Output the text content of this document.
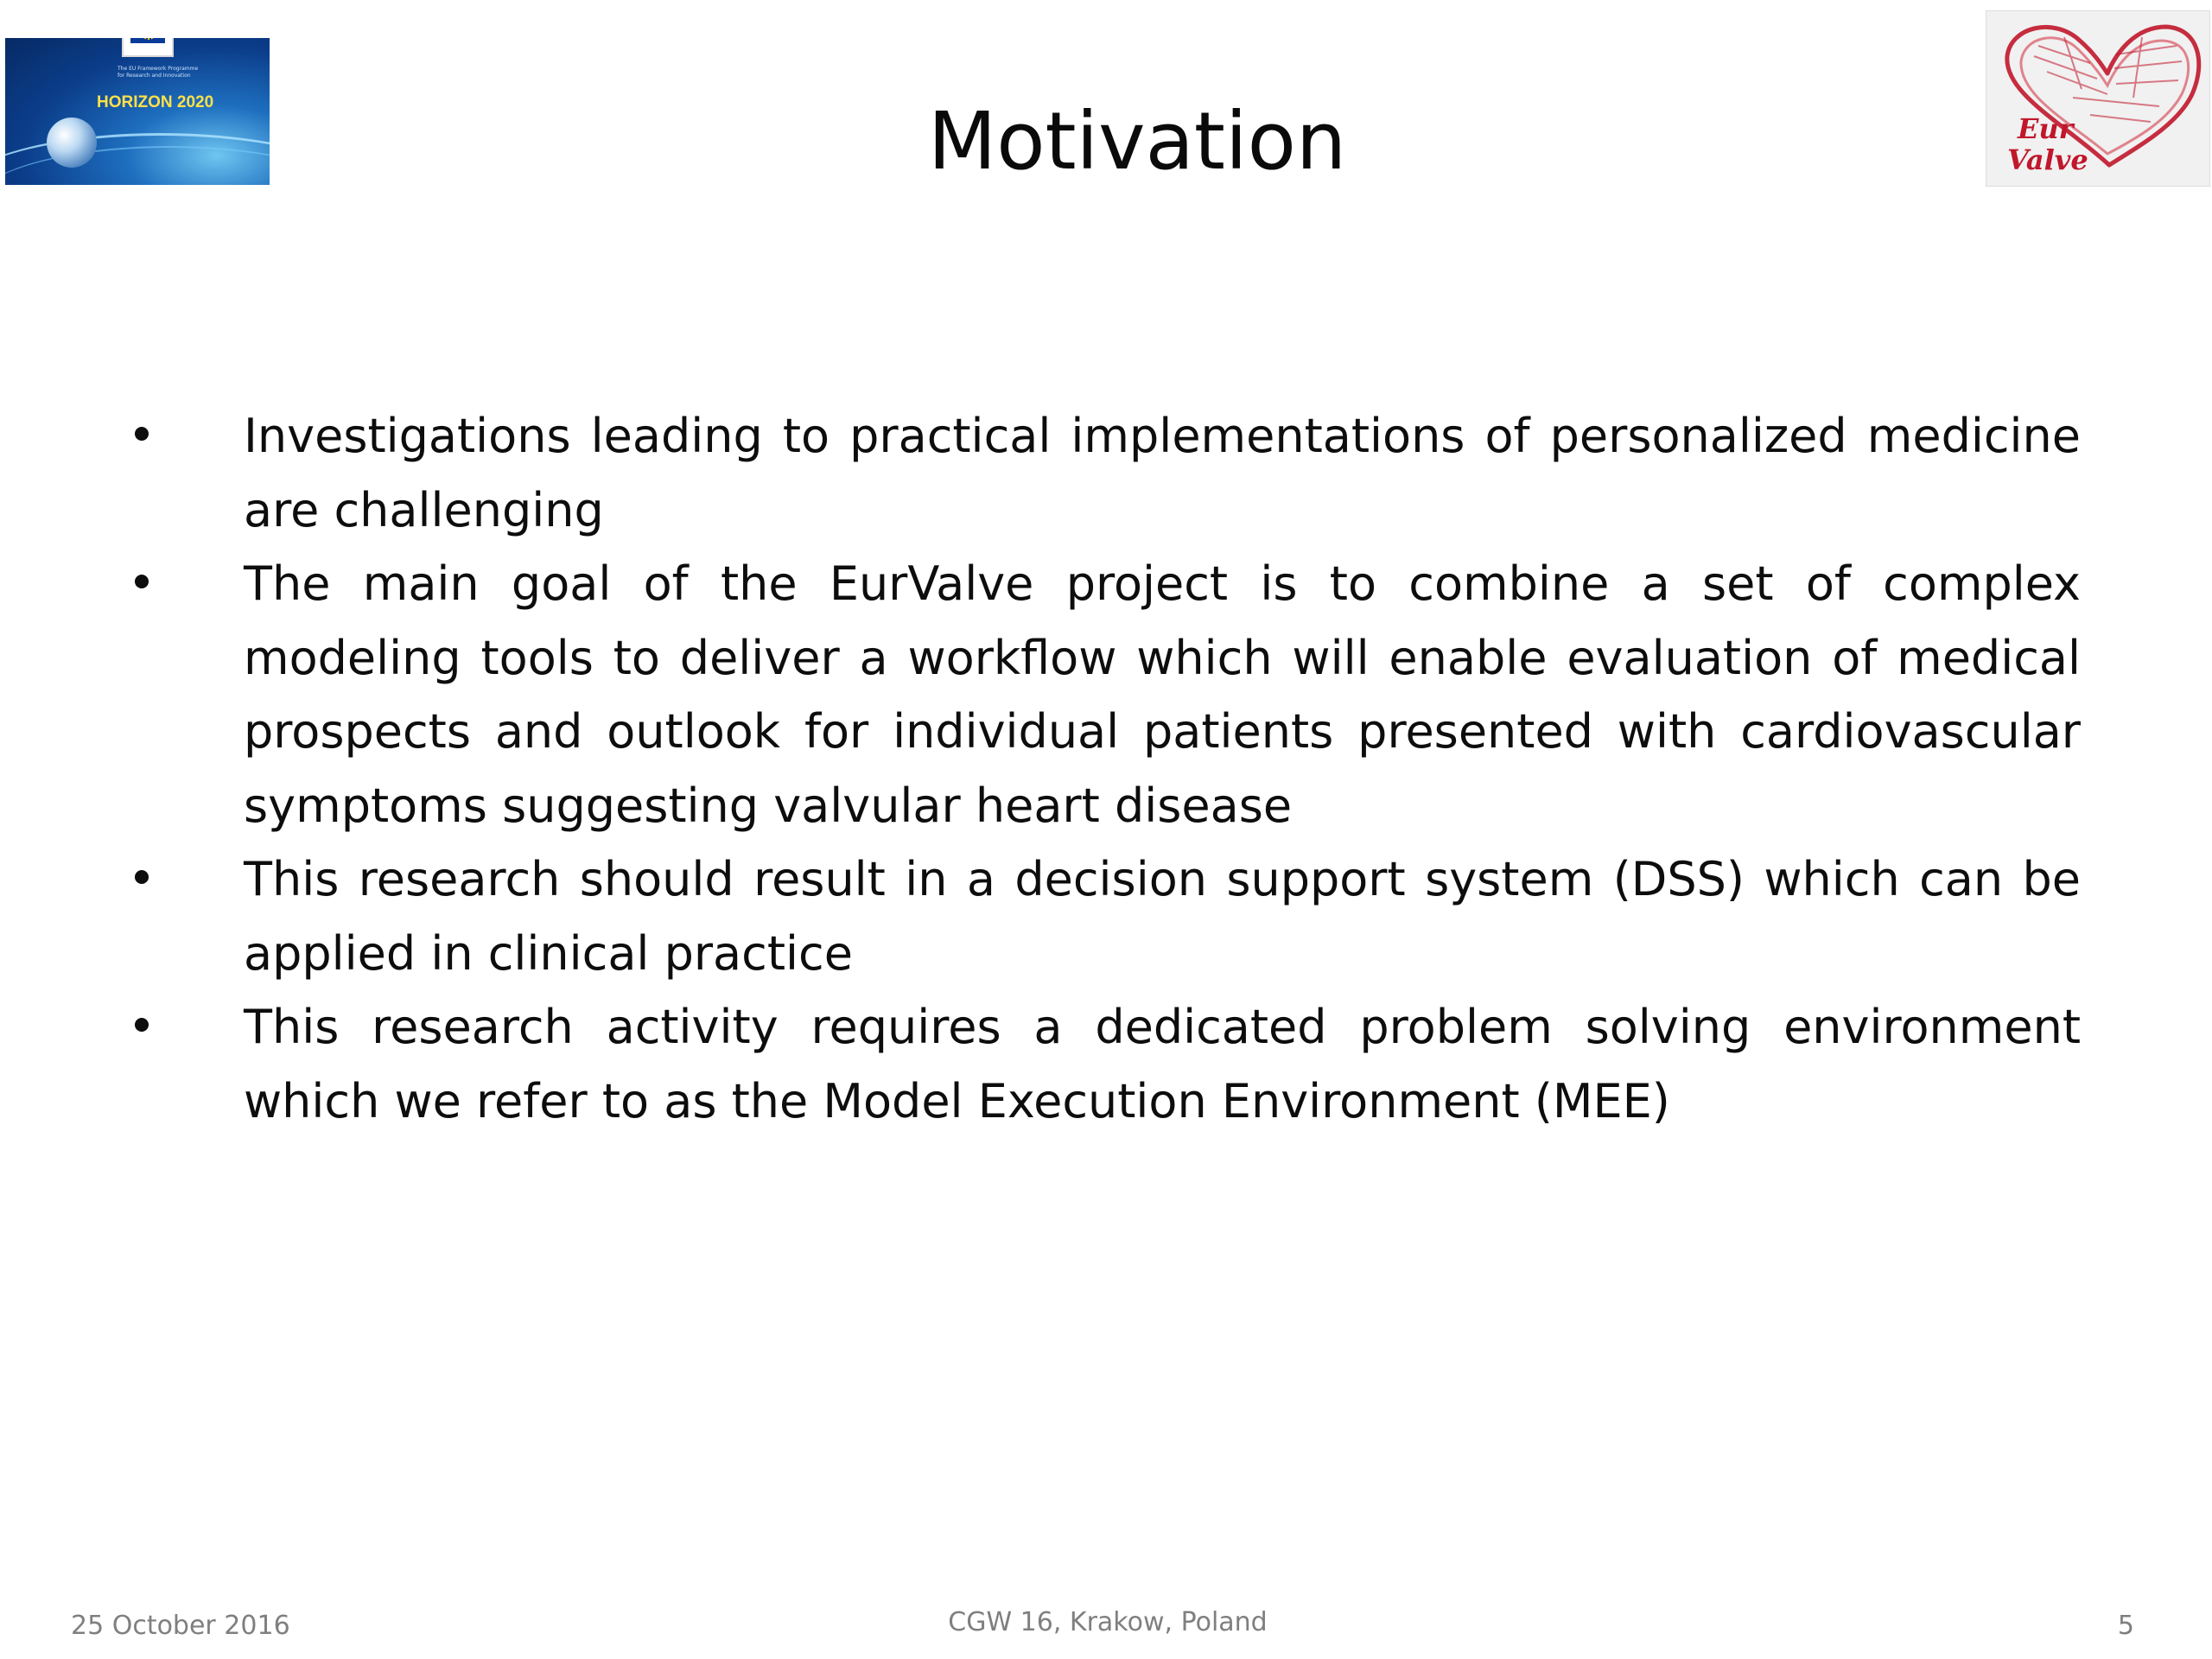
The EU Framework Programme
for Research and Innovation
HORIZON 2020
Eur
Valve
Motivation
Investigations leading to practical implementations of personalized medicine are challenging
The main goal of the EurValve project is to combine a set of complex modeling tools to deliver a workflow which will enable evaluation of medical prospects and outlook for individual patients presented with cardiovascular symptoms suggesting valvular heart disease
This research should result in a decision support system (DSS) which can be applied in clinical practice
This research activity requires a dedicated problem solving environment which we refer to as the Model Execution Environment (MEE)
25 October 2016	CGW 16, Krakow, Poland	5
